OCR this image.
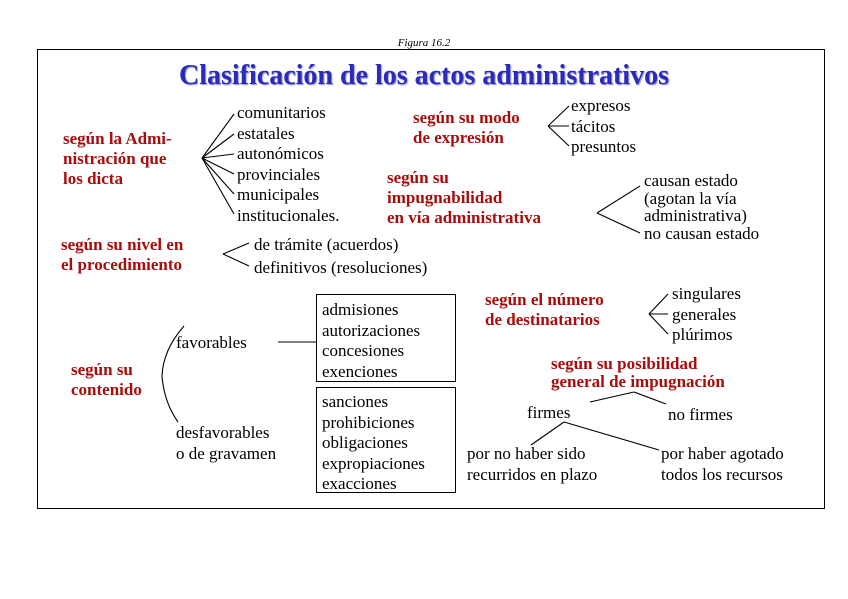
Figura 16.2
Clasificación de los actos administrativos
según la Admi-
nistración que
los dicta
comunitarios
estatales
autonómicos
provinciales
municipales
institucionales.
según su modo
de expresión
expresos
tácitos
presuntos
según su
impugnabilidad
en vía administrativa
causan estado
(agotan la vía
administrativa)
no causan estado
según su nivel en
el procedimiento
de trámite (acuerdos)
definitivos (resoluciones)
según el número
de destinatarios
singulares
generales
plúrimos
según su
contenido
favorables
admisiones
autorizaciones
concesiones
exenciones
desfavorables
o de gravamen
sanciones
prohibiciones
obligaciones
expropiaciones
exacciones
según su posibilidad
general de impugnación
firmes	no firmes
por no haber sido
recurridos en plazo
por haber agotado
todos los recursos
